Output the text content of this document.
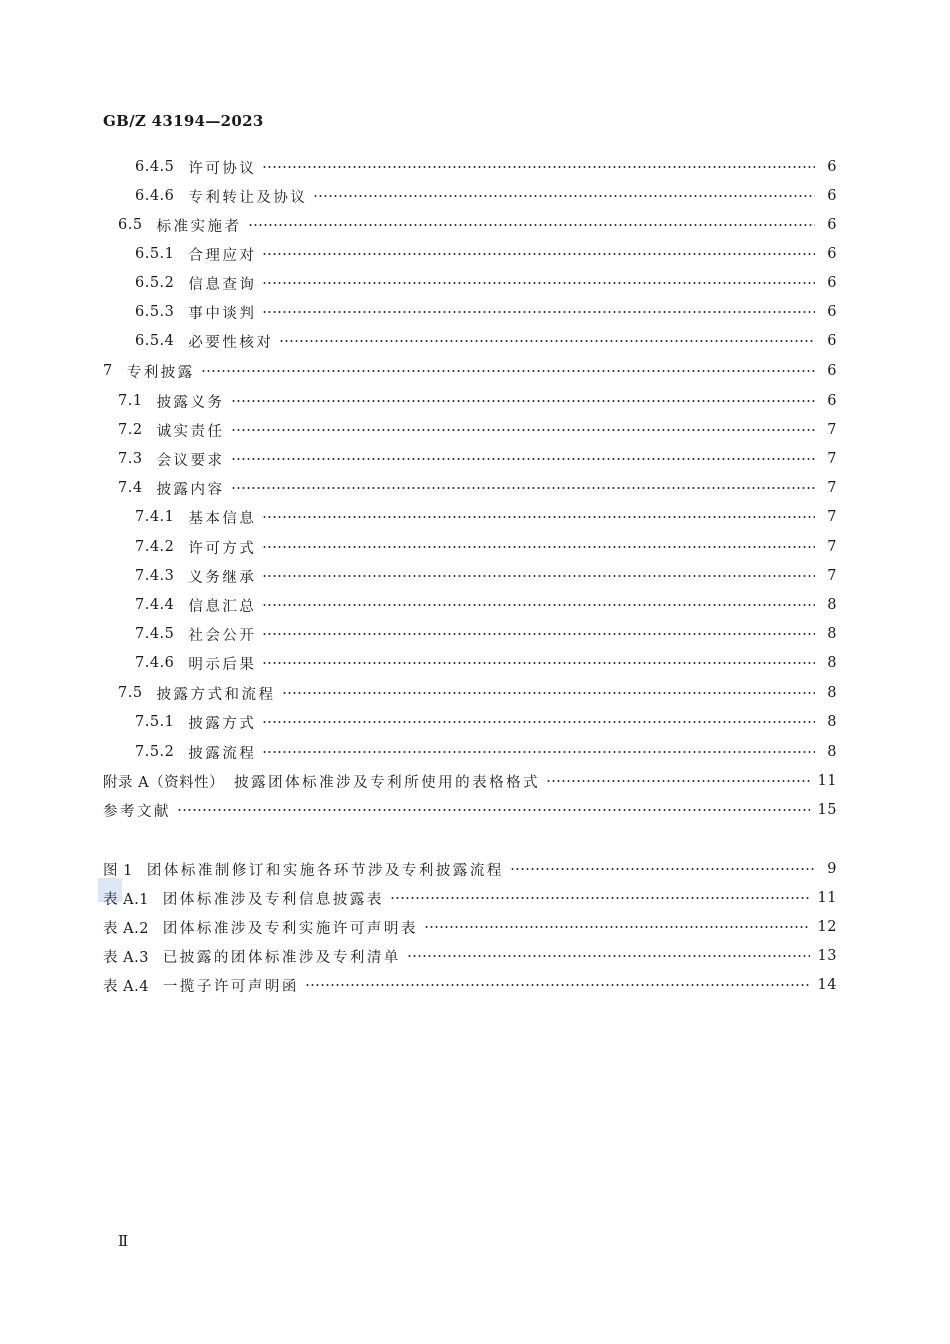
GB/Z 43194—2023
6.4.5 许可协议	6
6.4.6 专利转让及协议	6
6.5 标准实施者	6
6.5.1 合理应对	6
6.5.2 信息查询	6
6.5.3 事中谈判	6
6.5.4 必要性核对	6
7 专利披露	6
7.1 披露义务	6
7.2 诚实责任	7
7.3 会议要求	7
7.4 披露内容	7
7.4.1 基本信息	7
7.4.2 许可方式	7
7.4.3 义务继承	7
7.4.4 信息汇总	8
7.4.5 社会公开	8
7.4.6 明示后果	8
7.5 披露方式和流程	8
7.5.1 披露方式	8
7.5.2 披露流程	8
附录 A（资料性） 披露团体标准涉及专利所使用的表格格式	11
参考文献	15
图 1 团体标准制修订和实施各环节涉及专利披露流程	9
表 A.1 团体标准涉及专利信息披露表	11
表 A.2 团体标准涉及专利实施许可声明表	12
表 A.3 已披露的团体标准涉及专利清单	13
表 A.4 一揽子许可声明函	14
Ⅱ
